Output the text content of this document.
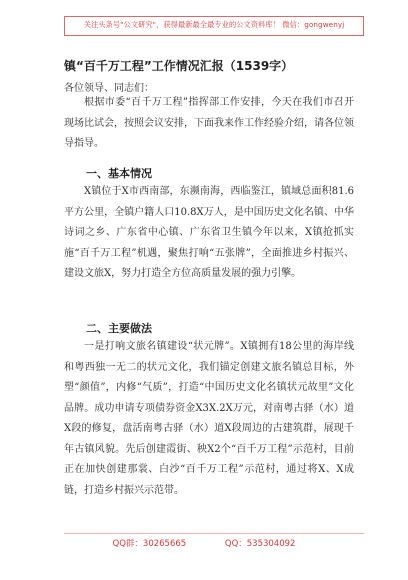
关注头条号"公文研究"，获得最新最全最专业的公文资料库！ 微信：gongwenyj
镇“百千万工程”工作情况汇报（1539字）
各位领导、同志们：

根据市委“百千万工程”指挥部工作安排，今天在我们市召开现场比试会，按照会议安排，下面我来作工作经验介绍，请各位领导指导。

一、基本情况

X镇位于X市西南部，东濒南海，西临鉴江，镇域总面积81.6平方公里，全镇户籍人口10.8X万人，是中国历史文化名镇、中华诗词之乡、广东省中心镇、广东省卫生镇今年以来，X镇抢抓实施“百千万工程”机遇，聚焦打响“五张牌”，全面推进乡村振兴、建设文旅X，努力打造全方位高质量发展的强力引擎。

二、主要做法

一是打响文旅名镇建设“状元牌”。X镇拥有18公里的海岸线和粤西独一无二的状元文化，我们锚定创建文旅名镇总目标，外塑“颜值”，内修“气质”，打造“中国历史文化名镇状元故里”文化品牌。成功申请专项债券资金X3X.2X万元，对南粤古驿（水）道X段的修复，盘活南粤古驿（水）道X段周边的古建筑群，展现千年古镇风貌。先后创建霞街、秧X2个“百千万工程”示范村，目前正在加快创建那裳、白沙“百千万工程”示范村，通过将X、X成链，打造乡村振兴示范带。

QQ群：30265665	QQ：535304092
